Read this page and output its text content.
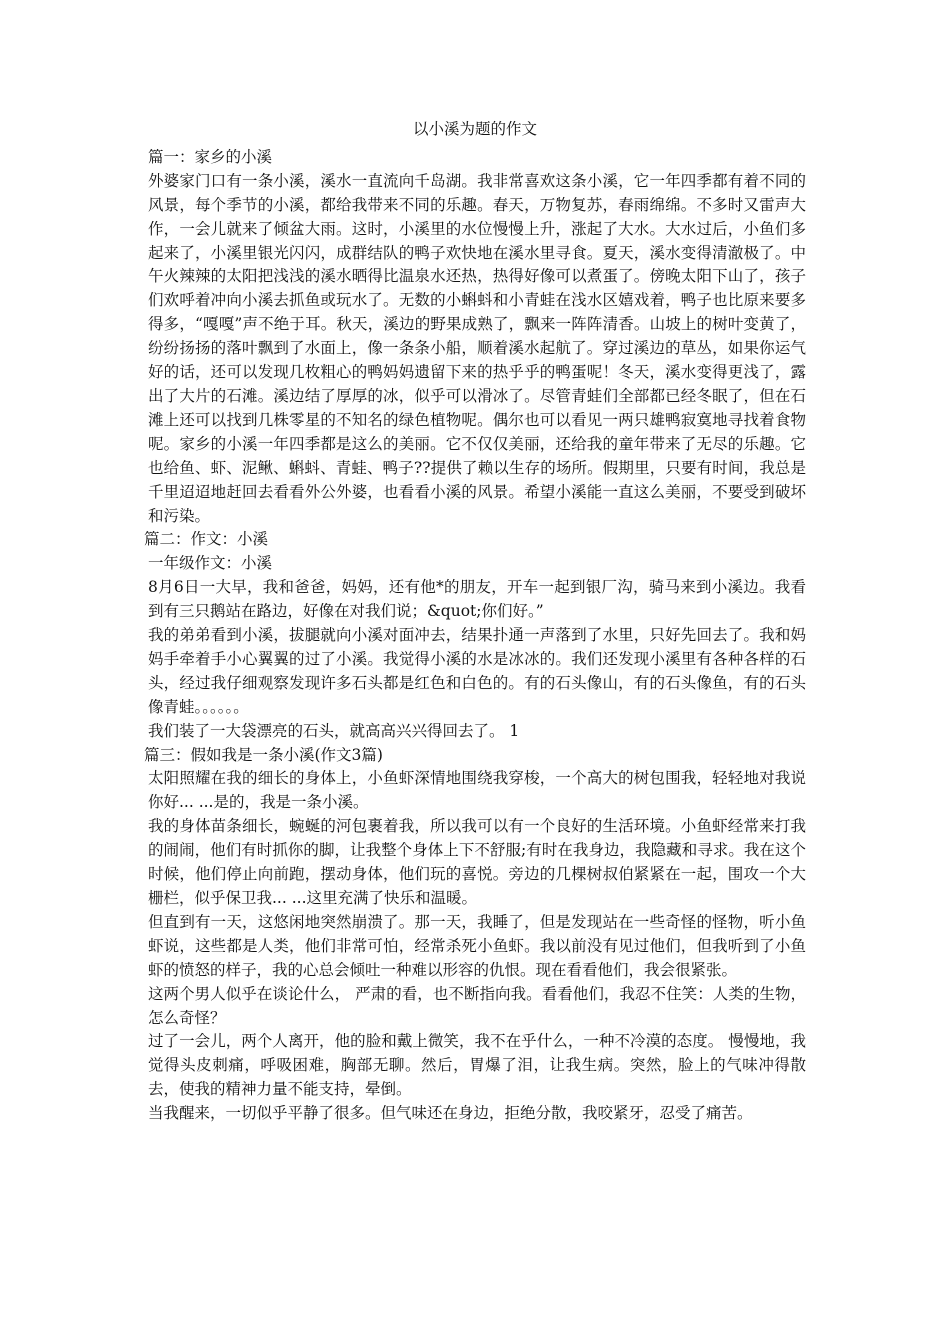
以小溪为题的作文
篇一：家乡的小溪
外婆家门口有一条小溪，溪水一直流向千岛湖。我非常喜欢这条小溪，它一年四季都有着不同的风景，每个季节的小溪，都给我带来不同的乐趣。春天，万物复苏，春雨绵绵。不多时又雷声大作，一会儿就来了倾盆大雨。这时，小溪里的水位慢慢上升，涨起了大水。大水过后，小鱼们多起来了，小溪里银光闪闪，成群结队的鸭子欢快地在溪水里寻食。夏天，溪水变得清澈极了。中午火辣辣的太阳把浅浅的溪水晒得比温泉水还热，热得好像可以煮蛋了。傍晚太阳下山了，孩子们欢呼着冲向小溪去抓鱼或玩水了。无数的小蝌蚪和小青蛙在浅水区嬉戏着，鸭子也比原来要多得多，“嘎嘎”声不绝于耳。秋天，溪边的野果成熟了，飘来一阵阵清香。山坡上的树叶变黄了，纷纷扬扬的落叶飘到了水面上，像一条条小船，顺着溪水起航了。穿过溪边的草丛，如果你运气好的话，还可以发现几枚粗心的鸭妈妈遗留下来的热乎乎的鸭蛋呢！冬天，溪水变得更浅了，露出了大片的石滩。溪边结了厚厚的冰，似乎可以滑冰了。尽管青蛙们全部都已经冬眠了，但在石滩上还可以找到几株零星的不知名的绿色植物呢。偶尔也可以看见一两只雄鸭寂寞地寻找着食物呢。家乡的小溪一年四季都是这么的美丽。它不仅仅美丽，还给我的童年带来了无尽的乐趣。它也给鱼、虾、泥鳅、蝌蚪、青蛙、鸭子??提供了赖以生存的场所。假期里，只要有时间，我总是千里迢迢地赶回去看看外公外婆，也看看小溪的风景。希望小溪能一直这么美丽，不要受到破坏和污染。
篇二：作文：小溪
一年级作文：小溪
8月6日一大早，我和爸爸，妈妈，还有他*的朋友，开车一起到银厂沟，骑马来到小溪边。我看到有三只鹅站在路边，好像在对我们说；&quot;你们好。”
我的弟弟看到小溪，拔腿就向小溪对面冲去，结果扑通一声落到了水里，只好先回去了。我和妈妈手牵着手小心翼翼的过了小溪。我觉得小溪的水是冰冰的。我们还发现小溪里有各种各样的石头，经过我仔细观察发现许多石头都是红色和白色的。有的石头像山，有的石头像鱼，有的石头像青蛙。。。。。。
我们装了一大袋漂亮的石头，就高高兴兴得回去了。 1
篇三：假如我是一条小溪(作文3篇)
太阳照耀在我的细长的身体上，小鱼虾深情地围绕我穿梭，一个高大的树包围我，轻轻地对我说你好... ...是的，我是一条小溪。
我的身体苗条细长，蜿蜒的河包裹着我，所以我可以有一个良好的生活环境。小鱼虾经常来打我的闹闹，他们有时抓你的脚，让我整个身体上下不舒服;有时在我身边，我隐藏和寻求。我在这个时候，他们停止向前跑，摆动身体，他们玩的喜悦。旁边的几棵树叔伯紧紧在一起，围攻一个大栅栏，似乎保卫我... ...这里充满了快乐和温暖。
但直到有一天，这悠闲地突然崩溃了。那一天，我睡了，但是发现站在一些奇怪的怪物，听小鱼虾说，这些都是人类，他们非常可怕，经常杀死小鱼虾。我以前没有见过他们，但我听到了小鱼虾的愤怒的样子，我的心总会倾吐一种难以形容的仇恨。现在看看他们，我会很紧张。
这两个男人似乎在谈论什么， 严肃的看，也不断指向我。看看他们，我忍不住笑：人类的生物，怎么奇怪？
过了一会儿，两个人离开，他的脸和戴上微笑，我不在乎什么，一种不冷漠的态度。 慢慢地，我觉得头皮刺痛，呼吸困难，胸部无聊。然后，胃爆了泪，让我生病。突然，脸上的气味冲得散去，使我的精神力量不能支持，晕倒。
当我醒来，一切似乎平静了很多。但气味还在身边，拒绝分散，我咬紧牙，忍受了痛苦。
